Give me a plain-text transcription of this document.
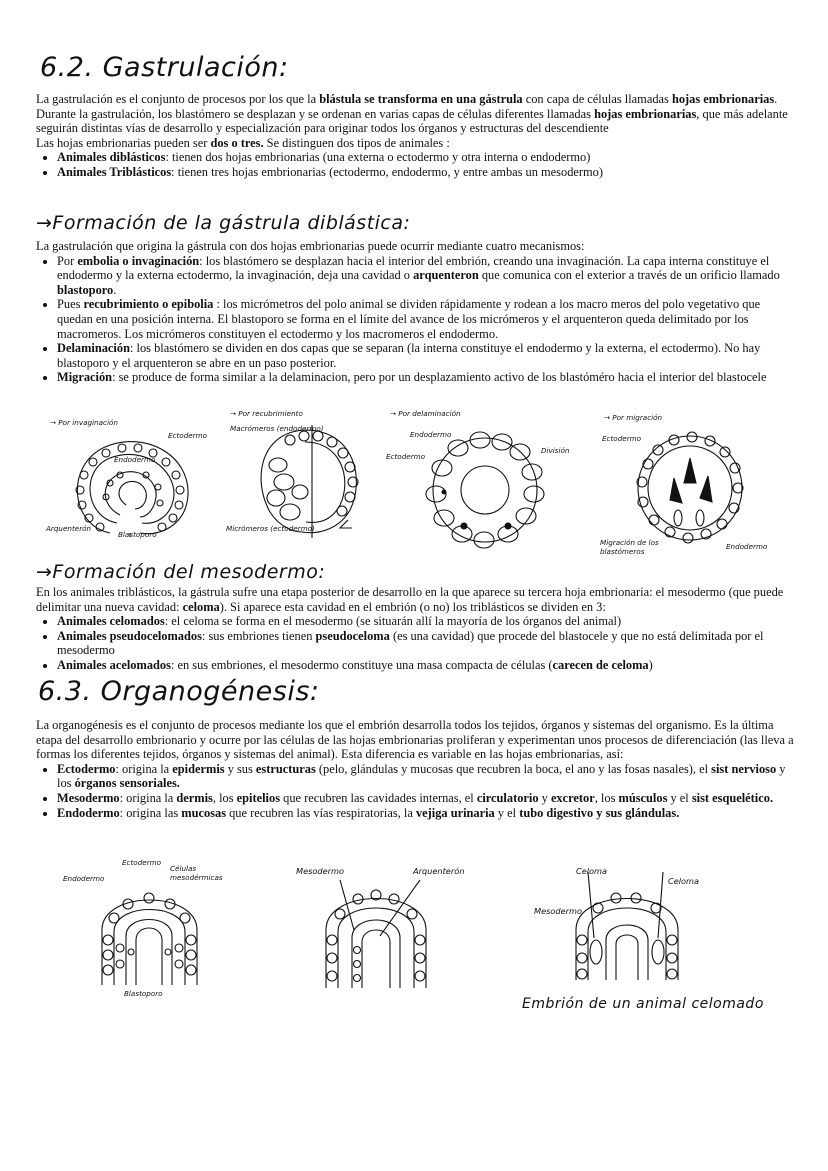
6.2. Gastrulación:

La gastrulación es el conjunto de procesos por los que la blástula se transforma en una gástrula con capa de células llamadas hojas embrionarias.

Durante la gastrulación, los blastómero se desplazan y se ordenan en varias capas de células diferentes llamadas hojas embrionarias, que más adelante seguirán distintas vías de desarrollo y especialización para originar todos los órganos y estructuras del descendiente

Las hojas embrionarias pueden ser dos o tres. Se distinguen dos tipos de animales :

• Animales diblásticos: tienen dos hojas embrionarias (una externa o ectodermo y otra interna o endodermo)
• Animales Triblásticos: tienen tres hojas embrionarias (ectodermo, endodermo, y entre ambas un mesodermo)
→Formación de la gástrula diblástica:

La gastrulación que origina la gástrula con dos hojas embrionarias puede ocurrir mediante cuatro mecanismos:

• Por embolia o invaginación: los blastómero se desplazan hacia el interior del embrión, creando una invaginación. La capa interna constituye el endodermo y la externa ectodermo, la invaginación, deja una cavidad o arquenteron que comunica con el exterior a través de un orificio llamado blastoporo.
• Pues recubrimiento o epibolia : los micrómetros del polo animal se dividen rápidamente y rodean a los macro meros del polo vegetativo que quedan en una posición interna. El blastoporo se forma en el límite del avance de los micrómeros y el arquenteron queda delimitado por los macromeros. Los micrómeros constituyen el ectodermo y los macromeros el endodermo.
• Delaminación: los blastómero se dividen en dos capas que se separan (la interna constituye el endodermo y la externa, el ectodermo). No hay blastoporo y el arquenteron se abre en un paso posterior.
• Migración: se produce de forma similar a la delaminacion, pero por un desplazamiento activo de los blastóméro hacia el interior del blastocele
→ Por invaginación
Ectodermo
Endodermo
Arquenterón
Blastoporo
→ Por recubrimiento
Macrómeros (endodermo)
Micrómeros (ectodermo)
→ Por delaminación
Endodermo
Ectodermo
División
→ Por migración
Ectodermo
Migración de los blastómeros
Endodermo
→Formación del mesodermo:

En los animales triblásticos, la gástrula sufre una etapa posterior de desarrollo en la que aparece su tercera hoja embrionaria: el mesodermo (que puede delimitar una nueva cavidad: celoma). Si aparece esta cavidad en el embrión (o no) los triblásticos se dividen en 3:

• Animales celomados: el celoma se forma en el mesodermo (se situarán allí la mayoría de los órganos del animal)
• Animales pseudocelomados: sus embriones tienen pseudoceloma (es una cavidad) que procede del blastocele y que no está delimitada por el mesodermo
• Animales acelomados: en sus embriones, el mesodermo constituye una masa compacta de células (carecen de celoma)
6.3. Organogénesis:

La organogénesis es el conjunto de procesos mediante los que el embrión desarrolla todos los tejidos, órganos y sistemas del organismo. Es la última etapa del desarrollo embrionario y ocurre por las células de las hojas embrionarias proliferan y experimentan unos procesos de diferenciación (las lleva a formas los diferentes tejidos, órganos y sistemas del animal). Esta diferencia es variable en las hojas embrionarias, así:

• Ectodermo: origina la epidermis y sus estructuras (pelo, glándulas y mucosas que recubren la boca, el ano y las fosas nasales), el sist nervioso y los órganos sensoriales.
• Mesodermo: origina la dermis, los epitelios que recubren las cavidades internas, el circulatorio y excretor, los músculos y el sist esquelético.
• Endodermo: origina las mucosas que recubren las vías respiratorias, la vejiga urinaria y el tubo digestivo y sus glándulas.
Ectodermo
Endodermo
Células mesodérmicas
Blastoporo
Mesodermo	Arquenterón	Celoma
Celoma
Mesodermo
Embrión de un animal celomado
